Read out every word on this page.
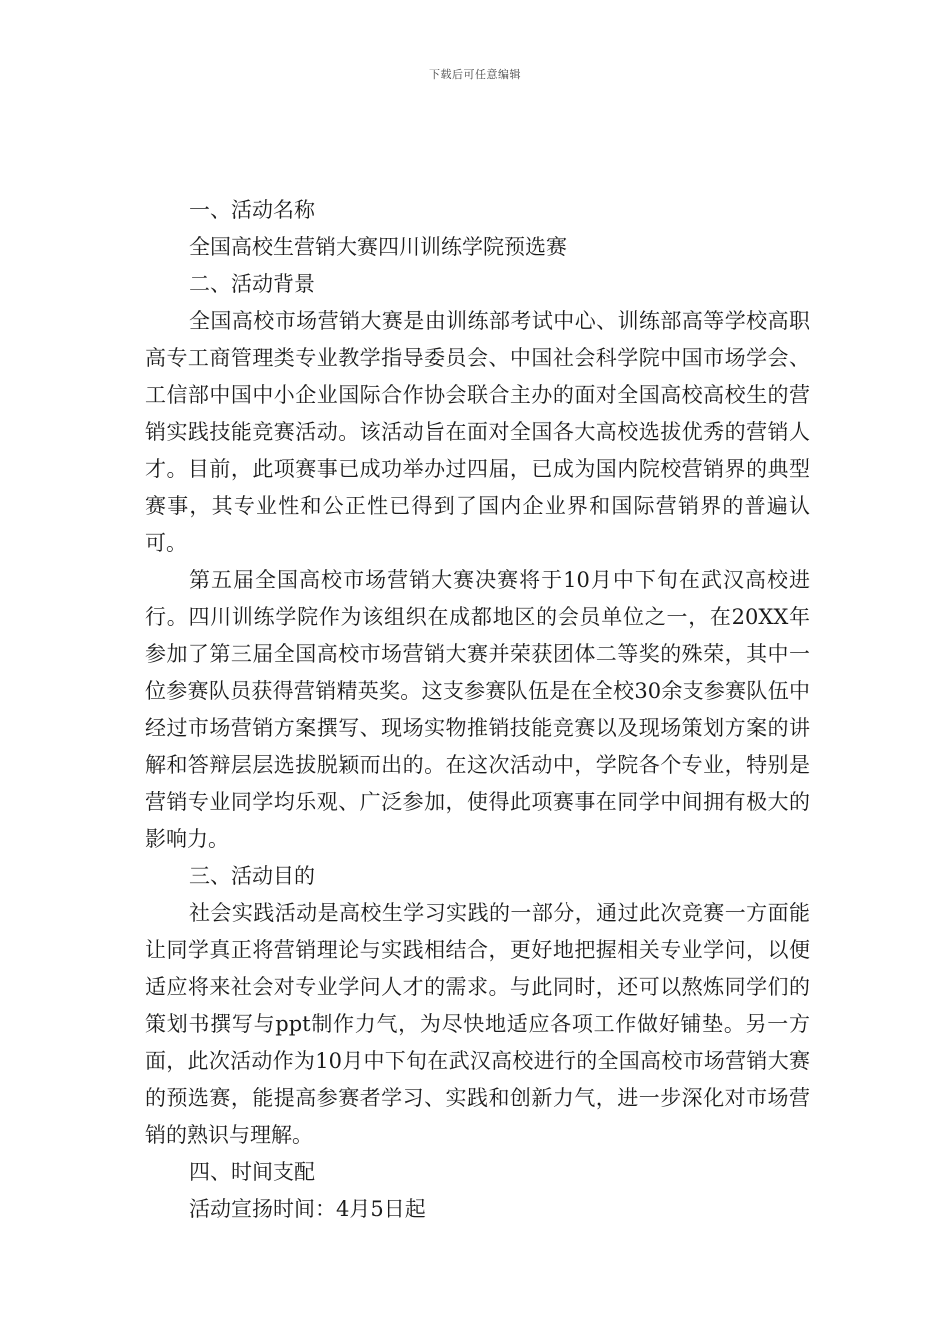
下载后可任意编辑

一、活动名称

全国高校生营销大赛四川训练学院预选赛

二、活动背景

全国高校市场营销大赛是由训练部考试中心、训练部高等学校高职高专工商管理类专业教学指导委员会、中国社会科学院中国市场学会、工信部中国中小企业国际合作协会联合主办的面对全国高校高校生的营销实践技能竞赛活动。该活动旨在面对全国各大高校选拔优秀的营销人才。目前，此项赛事已成功举办过四届，已成为国内院校营销界的典型赛事，其专业性和公正性已得到了国内企业界和国际营销界的普遍认可。

第五届全国高校市场营销大赛决赛将于10月中下旬在武汉高校进行。四川训练学院作为该组织在成都地区的会员单位之一，在20XX年参加了第三届全国高校市场营销大赛并荣获团体二等奖的殊荣，其中一位参赛队员获得营销精英奖。这支参赛队伍是在全校30余支参赛队伍中经过市场营销方案撰写、现场实物推销技能竞赛以及现场策划方案的讲解和答辩层层选拔脱颖而出的。在这次活动中，学院各个专业，特别是营销专业同学均乐观、广泛参加，使得此项赛事在同学中间拥有极大的影响力。

三、活动目的

社会实践活动是高校生学习实践的一部分，通过此次竞赛一方面能让同学真正将营销理论与实践相结合，更好地把握相关专业学问，以便适应将来社会对专业学问人才的需求。与此同时，还可以熬炼同学们的策划书撰写与ppt制作力气，为尽快地适应各项工作做好铺垫。另一方面，此次活动作为10月中下旬在武汉高校进行的全国高校市场营销大赛的预选赛，能提高参赛者学习、实践和创新力气，进一步深化对市场营销的熟识与理解。

四、时间支配

活动宣扬时间：4月5日起
